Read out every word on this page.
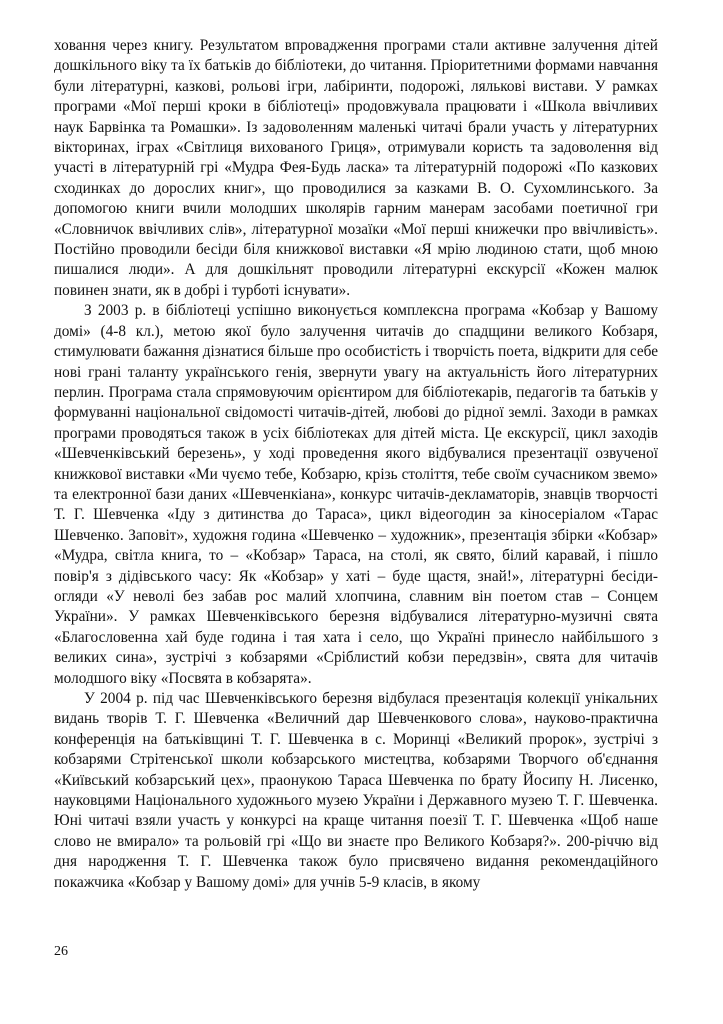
ховання через книгу. Результатом впровадження програми стали активне залучення дітей дошкільного віку та їх батьків до бібліотеки, до читання. Пріоритетними формами навчання були літературні, казкові, рольові ігри, лабіринти, подорожі, лялькові вистави. У рамках програми «Мої перші кроки в бібліотеці» продовжувала працювати і «Школа ввічливих наук Барвінка та Ромашки». Із задоволенням маленькі читачі брали участь у літературних вікторинах, іграх «Світлиця вихованого Гриця», отримували користь та задоволення від участі в літературній грі «Мудра Фея-Будь ласка» та літературній подорожі «По казкових сходинках до дорослих книг», що проводилися за казками В. О. Сухомлинського. За допомогою книги вчили молодших школярів гарним манерам засобами поетичної гри «Словничок ввічливих слів», літературної мозаїки «Мої перші книжечки про ввічливість». Постійно проводили бесіди біля книжкової виставки «Я мрію людиною стати, щоб мною пишалися люди». А для дошкільнят проводили літературні екскурсії «Кожен малюк повинен знати, як в добрі і турботі існувати».

З 2003 р. в бібліотеці успішно виконується комплексна програма «Кобзар у Вашому домі» (4-8 кл.), метою якої було залучення читачів до спадщини великого Кобзаря, стимулювати бажання дізнатися більше про особистість і творчість поета, відкрити для себе нові грані таланту українського генія, звернути увагу на актуальність його літературних перлин. Програма стала спрямовуючим орієнтиром для бібліотекарів, педагогів та батьків у формуванні національної свідомості читачів-дітей, любові до рідної землі. Заходи в рамках програми проводяться також в усіх бібліотеках для дітей міста. Це екскурсії, цикл заходів «Шевченківський березень», у ході проведення якого відбувалися презентації озвученої книжкової виставки «Ми чуємо тебе, Кобзарю, крізь століття, тебе своїм сучасником звемо» та електронної бази даних «Шевченкіана», конкурс читачів-декламаторів, знавців творчості Т. Г. Шевченка «Іду з дитинства до Тараса», цикл відеогодин за кіносеріалом «Тарас Шевченко. Заповіт», художня година «Шевченко – художник», презентація збірки «Кобзар» «Мудра, світла книга, то – «Кобзар» Тараса, на столі, як свято, білий каравай, і пішло повір'я з дідівського часу: Як «Кобзар» у хаті – буде щастя, знай!», літературні бесіди-огляди «У неволі без забав рос малий хлопчина, славним він поетом став – Сонцем України». У рамках Шевченківського березня відбувалися літературно-музичні свята «Благословенна хай буде година і тая хата і село, що Україні принесло найбільшого з великих сина», зустрічі з кобзарями «Сріблистий кобзи передзвін», свята для читачів молодшого віку «Посвята в кобзарята».

У 2004 р. під час Шевченківського березня відбулася презентація колекції унікальних видань творів Т. Г. Шевченка «Величний дар Шевченкового слова», науково-практична конференція на батьківщині Т. Г. Шевченка в с. Моринці «Великий пророк», зустрічі з кобзарями Стрітенської школи кобзарського мистецтва, кобзарями Творчого об'єднання «Київський кобзарський цех», праонукою Тараса Шевченка по брату Йосипу Н. Лисенко, науковцями Національного художнього музею України і Державного музею Т. Г. Шевченка. Юні читачі взяли участь у конкурсі на краще читання поезії Т. Г. Шевченка «Щоб наше слово не вмирало» та рольовій грі «Що ви знаєте про Великого Кобзаря?». 200-річчю від дня народження Т. Г. Шевченка також було присвячено видання рекомендаційного покажчика «Кобзар у Вашому домі» для учнів 5-9 класів, в якому

26
